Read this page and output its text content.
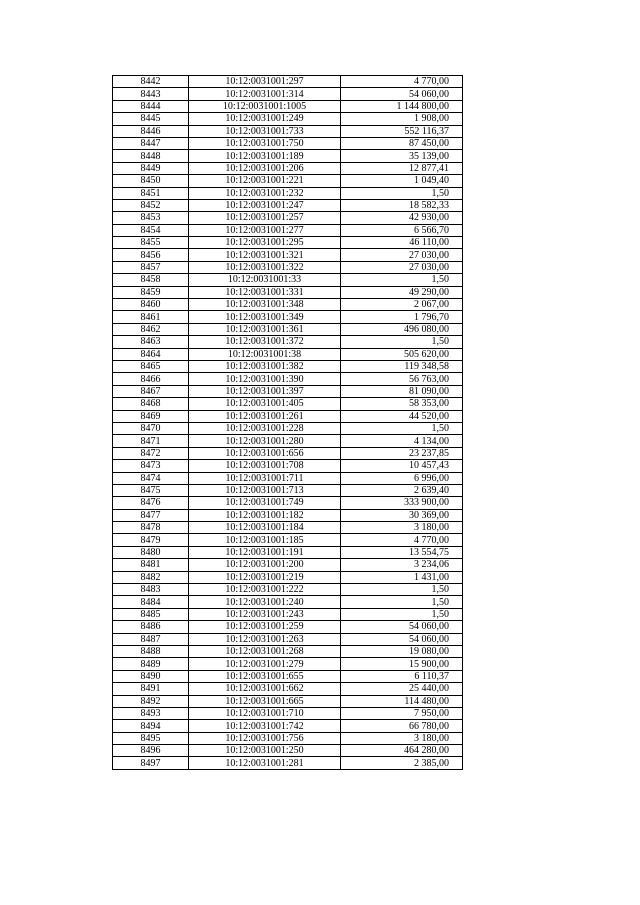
8442	10:12:0031001:297	4 770,00
8443	10:12:0031001:314	54 060,00
8444	10:12:0031001:1005	1 144 800,00
8445	10:12:0031001:249	1 908,00
8446	10:12:0031001:733	552 116,37
8447	10:12:0031001:750	87 450,00
8448	10:12:0031001:189	35 139,00
8449	10:12:0031001:206	12 877,41
8450	10:12:0031001:221	1 049,40
8451	10:12:0031001:232	1,50
8452	10:12:0031001:247	18 582,33
8453	10:12:0031001:257	42 930,00
8454	10:12:0031001:277	6 566,70
8455	10:12:0031001:295	46 110,00
8456	10:12:0031001:321	27 030,00
8457	10:12:0031001:322	27 030,00
8458	10:12:0031001:33	1,50
8459	10:12:0031001:331	49 290,00
8460	10:12:0031001:348	2 067,00
8461	10:12:0031001:349	1 796,70
8462	10:12:0031001:361	496 080,00
8463	10:12:0031001:372	1,50
8464	10:12:0031001:38	505 620,00
8465	10:12:0031001:382	119 348,58
8466	10:12:0031001:390	56 763,00
8467	10:12:0031001:397	81 090,00
8468	10:12:0031001:405	58 353,00
8469	10:12:0031001:261	44 520,00
8470	10:12:0031001:228	1,50
8471	10:12:0031001:280	4 134,00
8472	10:12:0031001:656	23 237,85
8473	10:12:0031001:708	10 457,43
8474	10:12:0031001:711	6 996,00
8475	10:12:0031001:713	2 639,40
8476	10:12:0031001:749	333 900,00
8477	10:12:0031001:182	30 369,00
8478	10:12:0031001:184	3 180,00
8479	10:12:0031001:185	4 770,00
8480	10:12:0031001:191	13 554,75
8481	10:12:0031001:200	3 234,06
8482	10:12:0031001:219	1 431,00
8483	10:12:0031001:222	1,50
8484	10:12:0031001:240	1,50
8485	10:12:0031001:243	1,50
8486	10:12:0031001:259	54 060,00
8487	10:12:0031001:263	54 060,00
8488	10:12:0031001:268	19 080,00
8489	10:12:0031001:279	15 900,00
8490	10:12:0031001:655	6 110,37
8491	10:12:0031001:662	25 440,00
8492	10:12:0031001:665	114 480,00
8493	10:12:0031001:710	7 950,00
8494	10:12:0031001:742	66 780,00
8495	10:12:0031001:756	3 180,00
8496	10:12:0031001:250	464 280,00
8497	10:12:0031001:281	2 385,00
